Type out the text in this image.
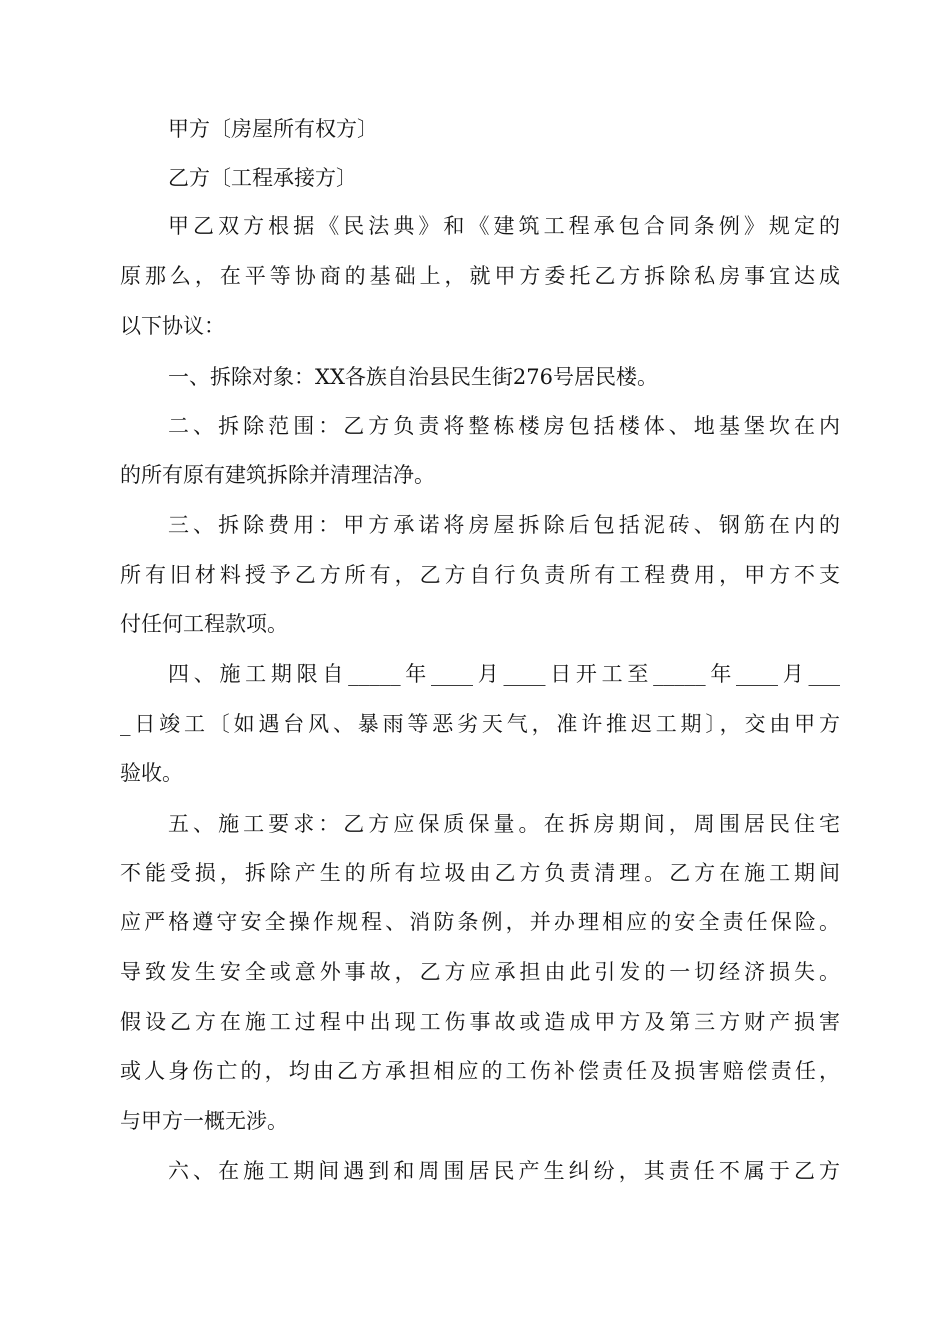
甲方〔房屋所有权方〕

乙方〔工程承接方〕

甲乙双方根据《民法典》和《建筑工程承包合同条例》规定的

原那么，在平等协商的基础上，就甲方委托乙方拆除私房事宜达成

以下协议：

一、拆除对象：XX各族自治县民生街276号居民楼。

二、拆除范围：乙方负责将整栋楼房包括楼体、地基堡坎在内

的所有原有建筑拆除并清理洁净。

三、拆除费用：甲方承诺将房屋拆除后包括泥砖、钢筋在内的

所有旧材料授予乙方所有，乙方自行负责所有工程费用，甲方不支

付任何工程款项。

四、施工期限自_____年____月____日开工至_____年____月___

_日竣工〔如遇台风、暴雨等恶劣天气，准许推迟工期〕，交由甲方

验收。

五、施工要求：乙方应保质保量。在拆房期间，周围居民住宅

不能受损，拆除产生的所有垃圾由乙方负责清理。乙方在施工期间

应严格遵守安全操作规程、消防条例，并办理相应的安全责任保险。

导致发生安全或意外事故，乙方应承担由此引发的一切经济损失。

假设乙方在施工过程中出现工伤事故或造成甲方及第三方财产损害

或人身伤亡的，均由乙方承担相应的工伤补偿责任及损害赔偿责任，

与甲方一概无涉。

六、在施工期间遇到和周围居民产生纠纷，其责任不属于乙方
